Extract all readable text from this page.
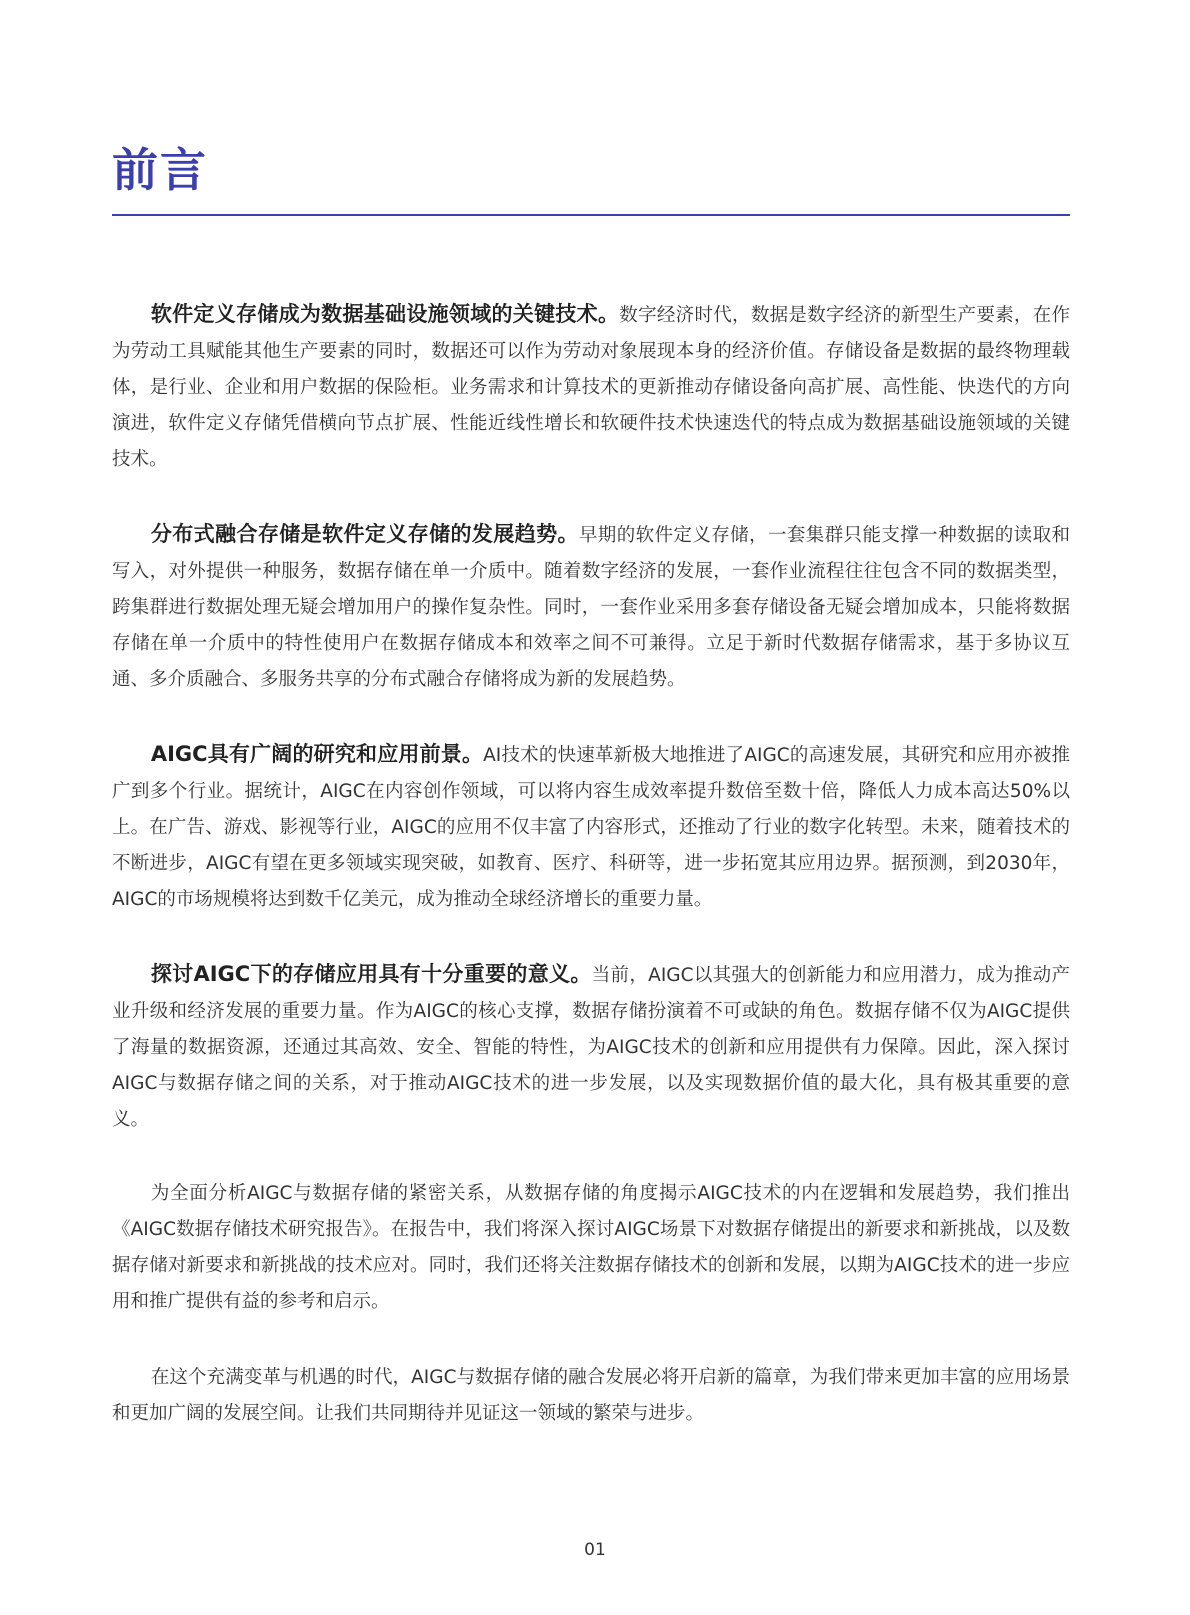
前言

软件定义存储成为数据基础设施领域的关键技术。数字经济时代，数据是数字经济的新型生产要素，在作为劳动工具赋能其他生产要素的同时，数据还可以作为劳动对象展现本身的经济价值。存储设备是数据的最终物理载体，是行业、企业和用户数据的保险柜。业务需求和计算技术的更新推动存储设备向高扩展、高性能、快迭代的方向演进，软件定义存储凭借横向节点扩展、性能近线性增长和软硬件技术快速迭代的特点成为数据基础设施领域的关键技术。

分布式融合存储是软件定义存储的发展趋势。早期的软件定义存储，一套集群只能支撑一种数据的读取和写入，对外提供一种服务，数据存储在单一介质中。随着数字经济的发展，一套作业流程往往包含不同的数据类型，跨集群进行数据处理无疑会增加用户的操作复杂性。同时，一套作业采用多套存储设备无疑会增加成本，只能将数据存储在单一介质中的特性使用户在数据存储成本和效率之间不可兼得。立足于新时代数据存储需求，基于多协议互通、多介质融合、多服务共享的分布式融合存储将成为新的发展趋势。

AIGC具有广阔的研究和应用前景。AI技术的快速革新极大地推进了AIGC的高速发展，其研究和应用亦被推广到多个行业。据统计，AIGC在内容创作领域，可以将内容生成效率提升数倍至数十倍，降低人力成本高达50%以上。在广告、游戏、影视等行业，AIGC的应用不仅丰富了内容形式，还推动了行业的数字化转型。未来，随着技术的不断进步，AIGC有望在更多领域实现突破，如教育、医疗、科研等，进一步拓宽其应用边界。据预测，到2030年，AIGC的市场规模将达到数千亿美元，成为推动全球经济增长的重要力量。

探讨AIGC下的存储应用具有十分重要的意义。当前，AIGC以其强大的创新能力和应用潜力，成为推动产业升级和经济发展的重要力量。作为AIGC的核心支撑，数据存储扮演着不可或缺的角色。数据存储不仅为AIGC提供了海量的数据资源，还通过其高效、安全、智能的特性，为AIGC技术的创新和应用提供有力保障。因此，深入探讨AIGC与数据存储之间的关系，对于推动AIGC技术的进一步发展，以及实现数据价值的最大化，具有极其重要的意义。

为全面分析AIGC与数据存储的紧密关系，从数据存储的角度揭示AIGC技术的内在逻辑和发展趋势，我们推出《AIGC数据存储技术研究报告》。在报告中，我们将深入探讨AIGC场景下对数据存储提出的新要求和新挑战，以及数据存储对新要求和新挑战的技术应对。同时，我们还将关注数据存储技术的创新和发展，以期为AIGC技术的进一步应用和推广提供有益的参考和启示。

在这个充满变革与机遇的时代，AIGC与数据存储的融合发展必将开启新的篇章，为我们带来更加丰富的应用场景和更加广阔的发展空间。让我们共同期待并见证这一领域的繁荣与进步。

01
